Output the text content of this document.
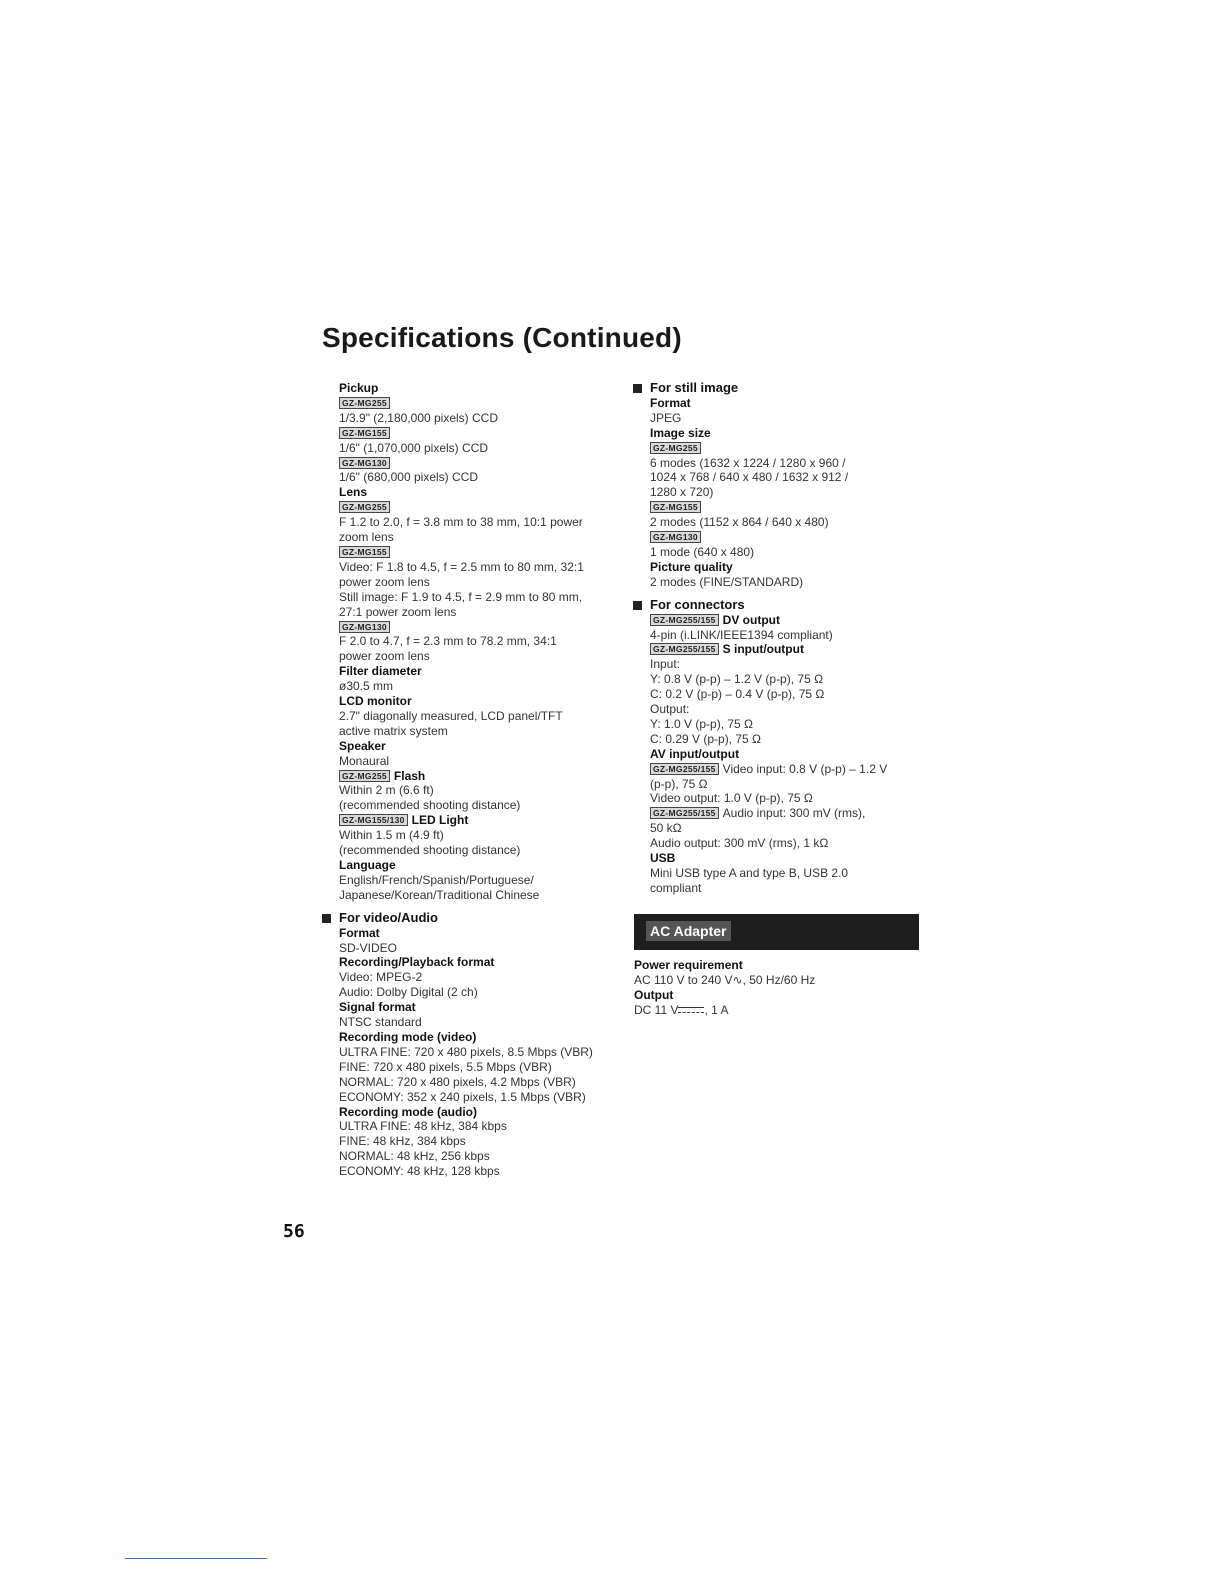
Specifications (Continued)
Pickup
GZ-MG255
1/3.9" (2,180,000 pixels) CCD
GZ-MG155
1/6" (1,070,000 pixels) CCD
GZ-MG130
1/6" (680,000 pixels) CCD
Lens
GZ-MG255
F 1.2 to 2.0, f = 3.8 mm to 38 mm, 10:1 power
zoom lens
GZ-MG155
Video: F 1.8 to 4.5, f = 2.5 mm to 80 mm, 32:1
power zoom lens
Still image: F 1.9 to 4.5, f = 2.9 mm to 80 mm,
27:1 power zoom lens
GZ-MG130
F 2.0 to 4.7, f = 2.3 mm to 78.2 mm, 34:1
power zoom lens
Filter diameter
ø30.5 mm
LCD monitor
2.7" diagonally measured, LCD panel/TFT
active matrix system
Speaker
Monaural
GZ-MG255 Flash
Within 2 m (6.6 ft)
(recommended shooting distance)
GZ-MG155/130 LED Light
Within 1.5 m (4.9 ft)
(recommended shooting distance)
Language
English/French/Spanish/Portuguese/
Japanese/Korean/Traditional Chinese
For video/Audio
Format
SD-VIDEO
Recording/Playback format
Video: MPEG-2
Audio: Dolby Digital (2 ch)
Signal format
NTSC standard
Recording mode (video)
ULTRA FINE: 720 x 480 pixels, 8.5 Mbps (VBR)
FINE: 720 x 480 pixels, 5.5 Mbps (VBR)
NORMAL: 720 x 480 pixels, 4.2 Mbps (VBR)
ECONOMY: 352 x 240 pixels, 1.5 Mbps (VBR)
Recording mode (audio)
ULTRA FINE: 48 kHz, 384 kbps
FINE: 48 kHz, 384 kbps
NORMAL: 48 kHz, 256 kbps
ECONOMY: 48 kHz, 128 kbps
For still image
Format
JPEG
Image size
GZ-MG255
6 modes (1632 x 1224 / 1280 x 960 /
1024 x 768 / 640 x 480 / 1632 x 912 /
1280 x 720)
GZ-MG155
2 modes (1152 x 864 / 640 x 480)
GZ-MG130
1 mode (640 x 480)
Picture quality
2 modes (FINE/STANDARD)
For connectors
GZ-MG255/155 DV output
4-pin (i.LINK/IEEE1394 compliant)
GZ-MG255/155 S input/output
Input:
Y: 0.8 V (p-p) – 1.2 V (p-p), 75 Ω
C: 0.2 V (p-p) – 0.4 V (p-p), 75 Ω
Output:
Y: 1.0 V (p-p), 75 Ω
C: 0.29 V (p-p), 75 Ω
AV input/output
GZ-MG255/155 Video input: 0.8 V (p-p) – 1.2 V
(p-p), 75 Ω
Video output: 1.0 V (p-p), 75 Ω
GZ-MG255/155 Audio input: 300 mV (rms),
50 kΩ
Audio output: 300 mV (rms), 1 kΩ
USB
Mini USB type A and type B, USB 2.0
compliant
AC Adapter
Power requirement
AC 110 V to 240 V∿, 50 Hz/60 Hz
Output
DC 11 V , 1 A
56
